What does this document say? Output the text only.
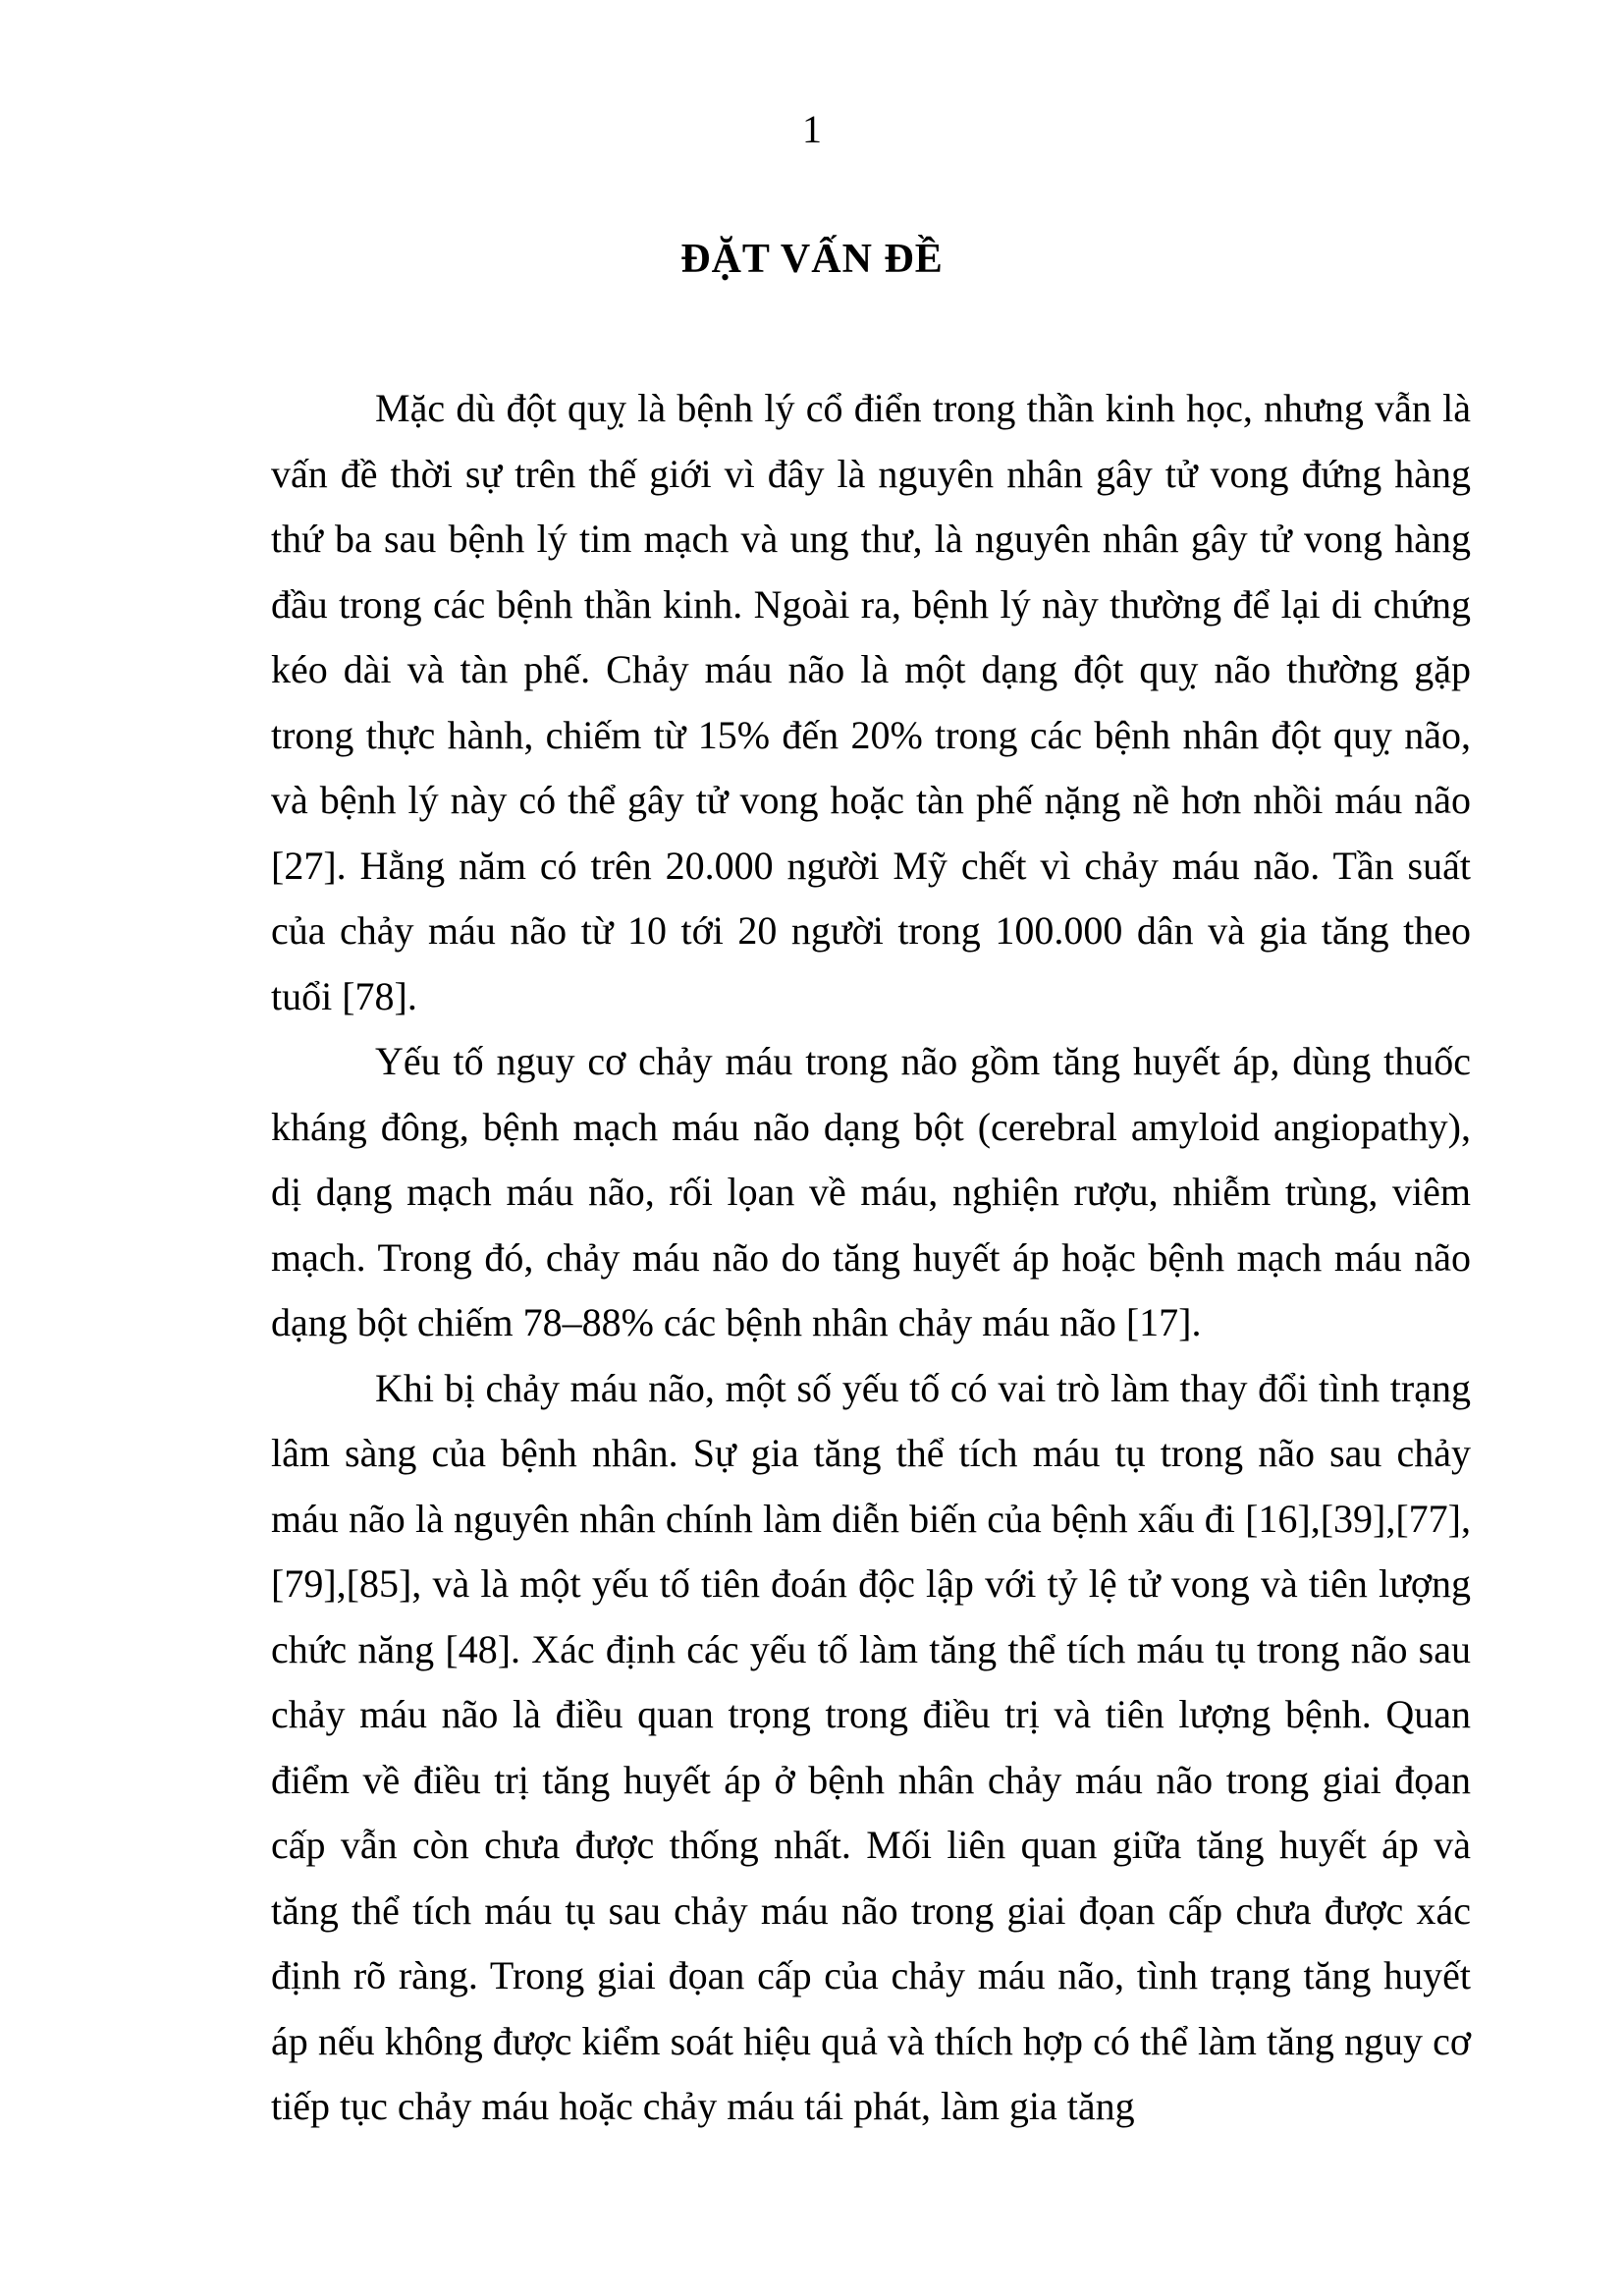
1
ĐẶT VẤN ĐỀ

Mặc dù đột quỵ là bệnh lý cổ điển trong thần kinh học, nhưng vẫn là vấn đề thời sự trên thế giới vì đây là nguyên nhân gây tử vong đứng hàng thứ ba sau bệnh lý tim mạch và ung thư, là nguyên nhân gây tử vong hàng đầu trong các bệnh thần kinh. Ngoài ra, bệnh lý này thường để lại di chứng kéo dài và tàn phế. Chảy máu não là một dạng đột quỵ não thường gặp trong thực hành, chiếm từ 15% đến 20% trong các bệnh nhân đột quỵ não, và bệnh lý này có thể gây tử vong hoặc tàn phế nặng nề hơn nhồi máu não [27]. Hằng năm có trên 20.000 người Mỹ chết vì chảy máu não. Tần suất của chảy máu não từ 10 tới 20 người trong 100.000 dân và gia tăng theo tuổi [78].

Yếu tố nguy cơ chảy máu trong não gồm tăng huyết áp, dùng thuốc kháng đông, bệnh mạch máu não dạng bột (cerebral amyloid angiopathy), dị dạng mạch máu não, rối lọan về máu, nghiện rượu, nhiễm trùng, viêm mạch. Trong đó, chảy máu não do tăng huyết áp hoặc bệnh mạch máu não dạng bột chiếm 78–88% các bệnh nhân chảy máu não [17].

Khi bị chảy máu não, một số yếu tố có vai trò làm thay đổi tình trạng lâm sàng của bệnh nhân. Sự gia tăng thể tích máu tụ trong não sau chảy máu não là nguyên nhân chính làm diễn biến của bệnh xấu đi [16],[39],[77],[79],[85], và là một yếu tố tiên đoán độc lập với tỷ lệ tử vong và tiên lượng chức năng [48]. Xác định các yếu tố làm tăng thể tích máu tụ trong não sau chảy máu não là điều quan trọng trong điều trị và tiên lượng bệnh. Quan điểm về điều trị tăng huyết áp ở bệnh nhân chảy máu não trong giai đọan cấp vẫn còn chưa được thống nhất. Mối liên quan giữa tăng huyết áp và tăng thể tích máu tụ sau chảy máu não trong giai đọan cấp chưa được xác định rõ ràng. Trong giai đọan cấp của chảy máu não, tình trạng tăng huyết áp nếu không được kiểm soát hiệu quả và thích hợp có thể làm tăng nguy cơ tiếp tục chảy máu hoặc chảy máu tái phát, làm gia tăng
